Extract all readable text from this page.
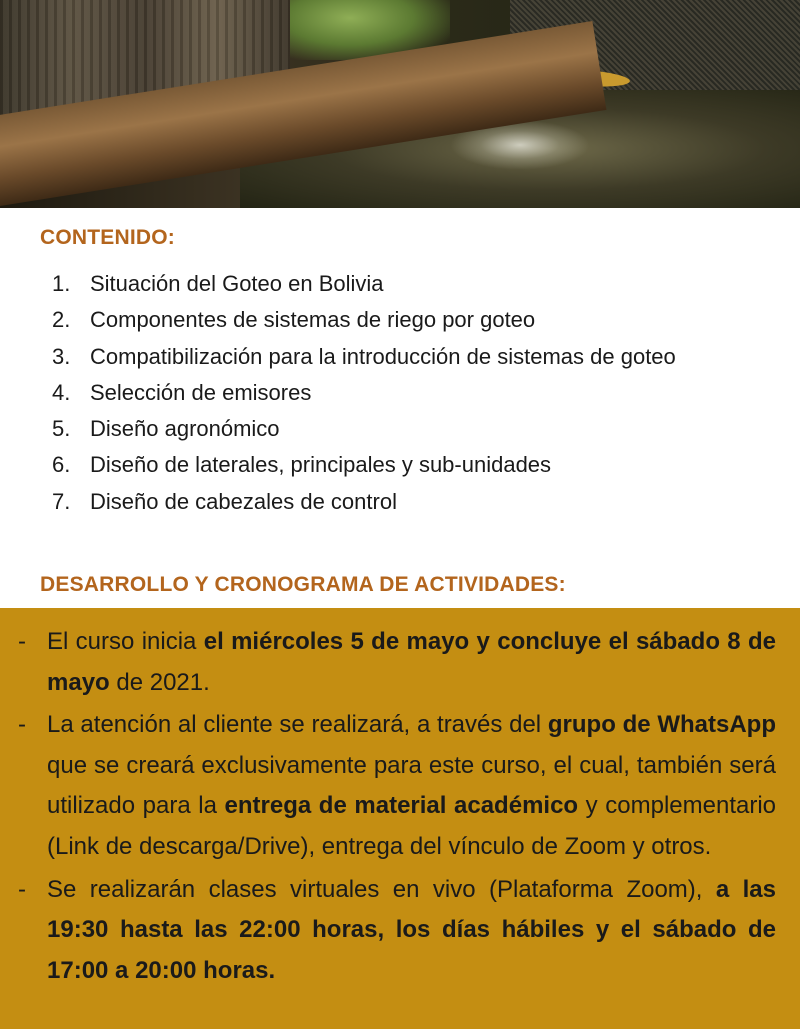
CONTENIDO:
1. Situación del Goteo en Bolivia
2. Componentes de sistemas de riego por goteo
3. Compatibilización para la introducción de sistemas de goteo
4. Selección de emisores
5. Diseño agronómico
6. Diseño de laterales, principales y sub-unidades
7. Diseño de cabezales de control
DESARROLLO Y CRONOGRAMA DE ACTIVIDADES:
- El curso inicia el miércoles 5 de mayo y concluye el sábado 8 de mayo de 2021.
- La atención al cliente se realizará, a través del grupo de WhatsApp que se creará exclusivamente para este curso, el cual, también será utilizado para la entrega de material académico y complementario (Link de descarga/Drive), entrega del vínculo de Zoom y otros.
- Se realizarán clases virtuales en vivo (Plataforma Zoom), a las 19:30 hasta las 22:00 horas, los días hábiles y el sábado de 17:00 a 20:00 horas.
